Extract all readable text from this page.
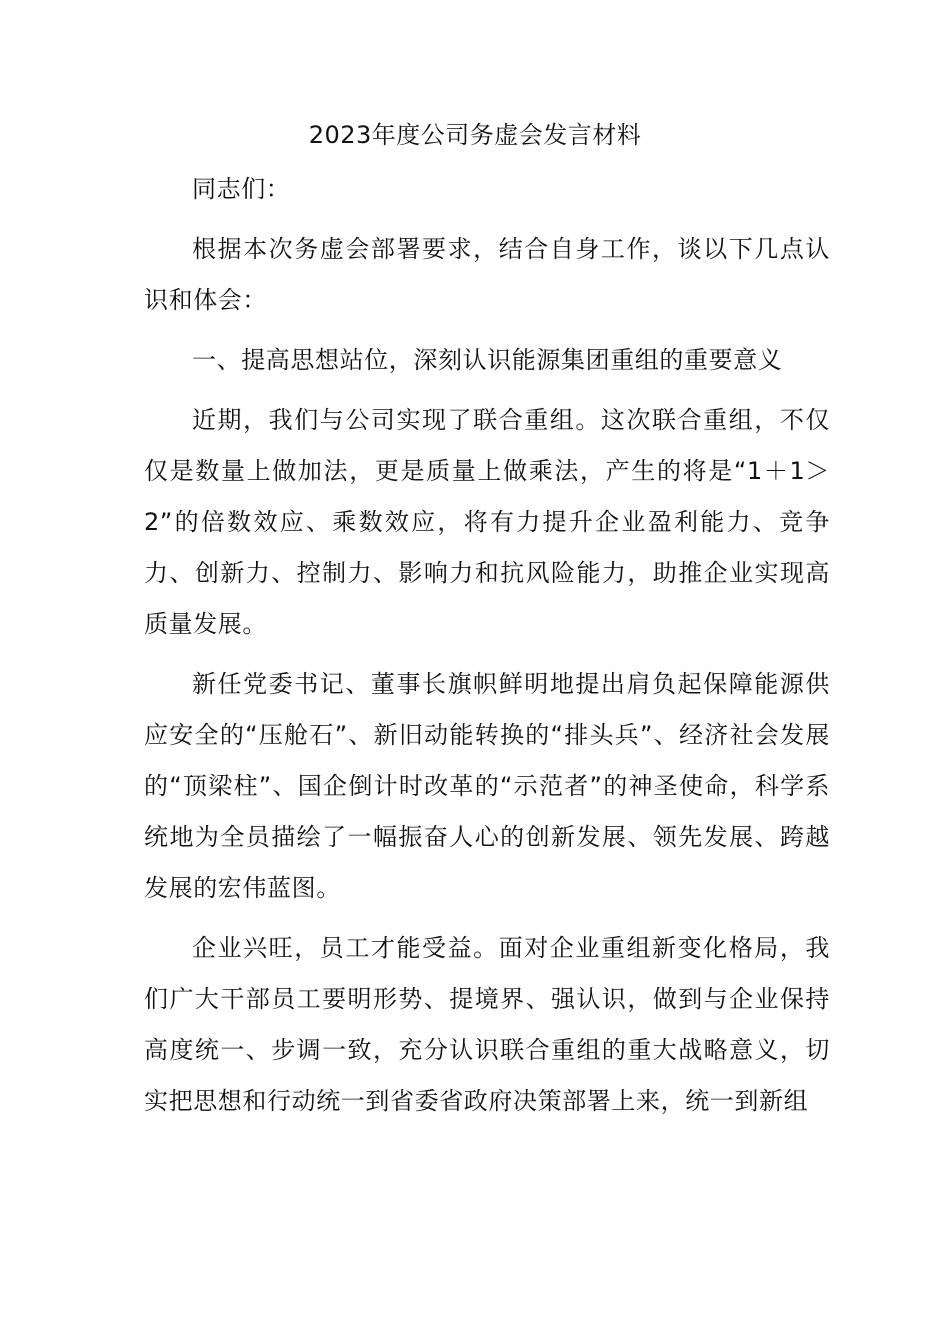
2023年度公司务虚会发言材料

同志们：

根据本次务虚会部署要求，结合自身工作，谈以下几点认识和体会：

一、提高思想站位，深刻认识能源集团重组的重要意义

近期，我们与公司实现了联合重组。这次联合重组，不仅仅是数量上做加法，更是质量上做乘法，产生的将是“1＋1＞2”的倍数效应、乘数效应，将有力提升企业盈利能力、竞争力、创新力、控制力、影响力和抗风险能力，助推企业实现高质量发展。

新任党委书记、董事长旗帜鲜明地提出肩负起保障能源供应安全的“压舱石”、新旧动能转换的“排头兵”、经济社会发展的“顶梁柱”、国企倒计时改革的“示范者”的神圣使命，科学系统地为全员描绘了一幅振奋人心的创新发展、领先发展、跨越发展的宏伟蓝图。

企业兴旺，员工才能受益。面对企业重组新变化格局，我们广大干部员工要明形势、提境界、强认识，做到与企业保持高度统一、步调一致，充分认识联合重组的重大战略意义，切实把思想和行动统一到省委省政府决策部署上来，统一到新组
